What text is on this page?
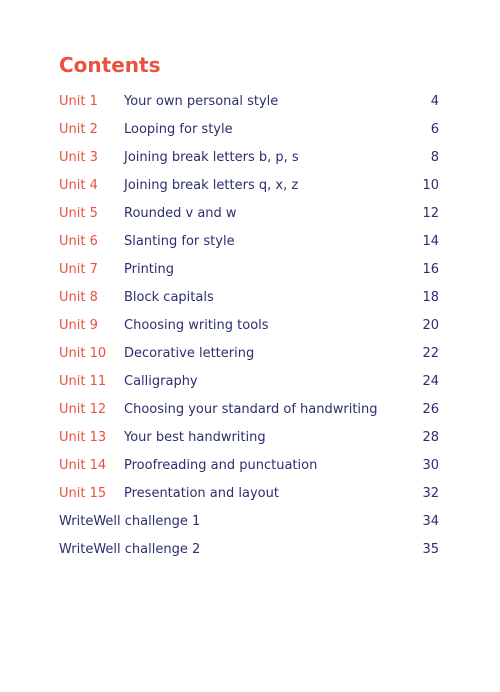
Contents
Unit 1 Your own personal style	4
Unit 2 Looping for style	6
Unit 3 Joining break letters b, p, s	8
Unit 4 Joining break letters q, x, z	10
Unit 5 Rounded v and w	12
Unit 6 Slanting for style	14
Unit 7 Printing	16
Unit 8 Block capitals	18
Unit 9 Choosing writing tools	20
Unit 10 Decorative lettering	22
Unit 11 Calligraphy	24
Unit 12 Choosing your standard of handwriting	26
Unit 13 Your best handwriting	28
Unit 14 Proofreading and punctuation	30
Unit 15 Presentation and layout	32
WriteWell challenge 1	34
WriteWell challenge 2	35
